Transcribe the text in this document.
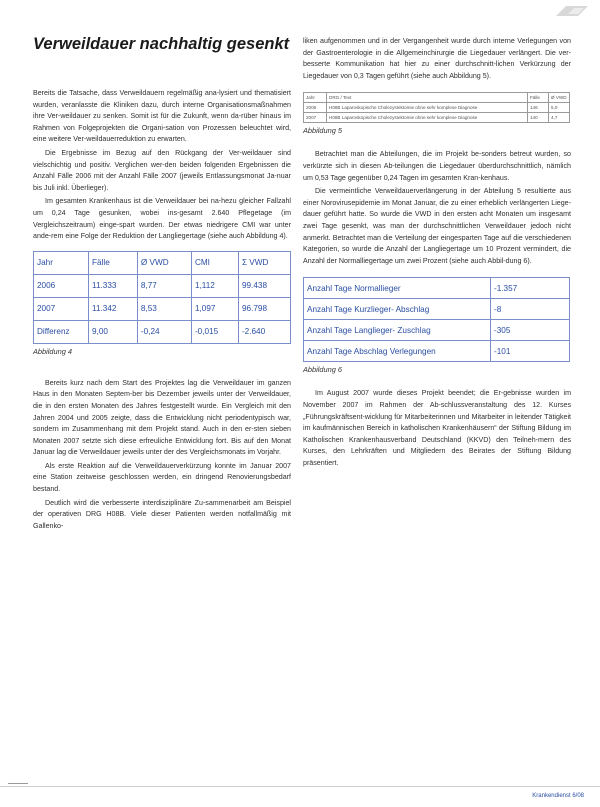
Verweildauer nachhaltig gesenkt

Bereits die Tatsache, dass Verweildauern regelmäßig ana-lysiert und thematisiert wurden, veranlasste die Kliniken dazu, durch interne Organisationsmaßnahmen ihre Ver-weildauer zu senken. Somit ist für die Zukunft, wenn da-rüber hinaus im Rahmen von Folgeprojekten die Organi-sation von Prozessen beleuchtet wird, eine weitere Ver-weildauerreduktion zu erwarten.

Die Ergebnisse im Bezug auf den Rückgang der Ver-weildauer sind vielschichtig und positiv. Verglichen wer-den beiden folgenden Ergebnissen die Anzahl Fälle 2006 mit der Anzahl Fälle 2007 (jeweils Entlassungsmonat Ja-nuar bis Juli inkl. Überlieger).

Im gesamten Krankenhaus ist die Verweildauer bei na-hezu gleicher Fallzahl um 0,24 Tage gesunken, wobei ins-gesamt 2.640 Pflegetage (im Vergleichszeitraum) einge-spart wurden. Der etwas niedrigere CMI war unter ande-rem eine Folge der Reduktion der Langliegertage (siehe auch Abbildung 4).

Jahr	Fälle	Ø VWD	CMI	Σ VWD
2006	11.333	8,77	1,112	99.438
2007	11.342	8,53	1,097	96.798
Differenz	9,00	-0,24	-0,015	-2.640
Abbildung 4

Bereits kurz nach dem Start des Projektes lag die Verweildauer im ganzen Haus in den Monaten Septem-ber bis Dezember jeweils unter der Verweildauer, die in den ersten Monaten des Jahres festgestellt wurde. Ein Vergleich mit den Jahren 2004 und 2005 zeigte, dass die Entwicklung nicht periodentypisch war, sondern im Zusammenhang mit dem Projekt stand. Auch in den er-sten sieben Monaten 2007 setzte sich diese erfreuliche Entwicklung fort. Bis auf den Monat Januar lag die Verweildauer jeweils unter der des Vergleichsmonats im Vorjahr.

Als erste Reaktion auf die Verweildauerverkürzung konnte im Januar 2007 eine Station zeitweise geschlossen werden, ein dringend Renovierungsbedarf bestand.

Deutlich wird die verbesserte interdisziplinäre Zu-sammenarbeit am Beispiel der operativen DRG H08B. Viele dieser Patienten werden notfallmäßig mit Gallenko-

liken aufgenommen und in der Vergangenheit wurde durch interne Verlegungen von der Gastroenterologie in die Allgemeinchirurgie die Liegedauer verlängert. Die ver-besserte Kommunikation hat hier zu einer durchschnitt-lichen Verkürzung der Liegedauer von 0,3 Tagen geführt (siehe auch Abbildung 5).

Jahr	DRG / Text	Fälle	Ø VWD
2006	H08B Laparoskopische Cholezystektomie ohne sehr komplexe Diagnose	146	5,0
2007	H08B Laparoskopische Cholezystektomie ohne sehr komplexe Diagnose	140	4,7
Abbildung 5

Betrachtet man die Abteilungen, die im Projekt be-sonders betreut wurden, so verkürzte sich in diesen Ab-teilungen die Liegedauer überdurchschnittlich, nämlich um 0,53 Tage gegenüber 0,24 Tagen im gesamten Kran-kenhaus.

Die vermeintliche Verweildauerverlängerung in der Abteilung 5 resultierte aus einer Norovirusepidemie im Monat Januar, die zu einer erheblich verlängerten Liege-dauer geführt hatte. So wurde die VWD in den ersten acht Monaten um insgesamt zwei Tage gesenkt, was man der durchschnittlichen Verweildauer jedoch nicht anmerkt. Betrachtet man die Verteilung der eingesparten Tage auf die verschiedenen Kategorien, so wurde die Anzahl der Langliegertage um 10 Prozent vermindert, die Anzahl der Normalliegertage um zwei Prozent (siehe auch Abbil-dung 6).

Anzahl Tage Normallieger	-1.357
Anzahl Tage Kurzlieger- Abschlag	-8
Anzahl Tage Langlieger- Zuschlag	-305
Anzahl Tage Abschlag Verlegungen	-101
Abbildung 6

Im August 2007 wurde dieses Projekt beendet; die Er-gebnisse wurden im November 2007 im Rahmen der Ab-schlussveranstaltung des 12. Kurses „Führungskräftsent-wicklung für Mitarbeiterinnen und Mitarbeiter in leitender Tätigkeit im kaufmännischen Bereich in katholischen Krankenhäusern“ der Stiftung Bildung im Katholischen Krankenhausverband Deutschland (KKVD) den Teilneh-mern des Kurses, den Lehrkräften und Mitgliedern des Beirates der Stiftung Bildung präsentiert.

Krankendienst 6/08
